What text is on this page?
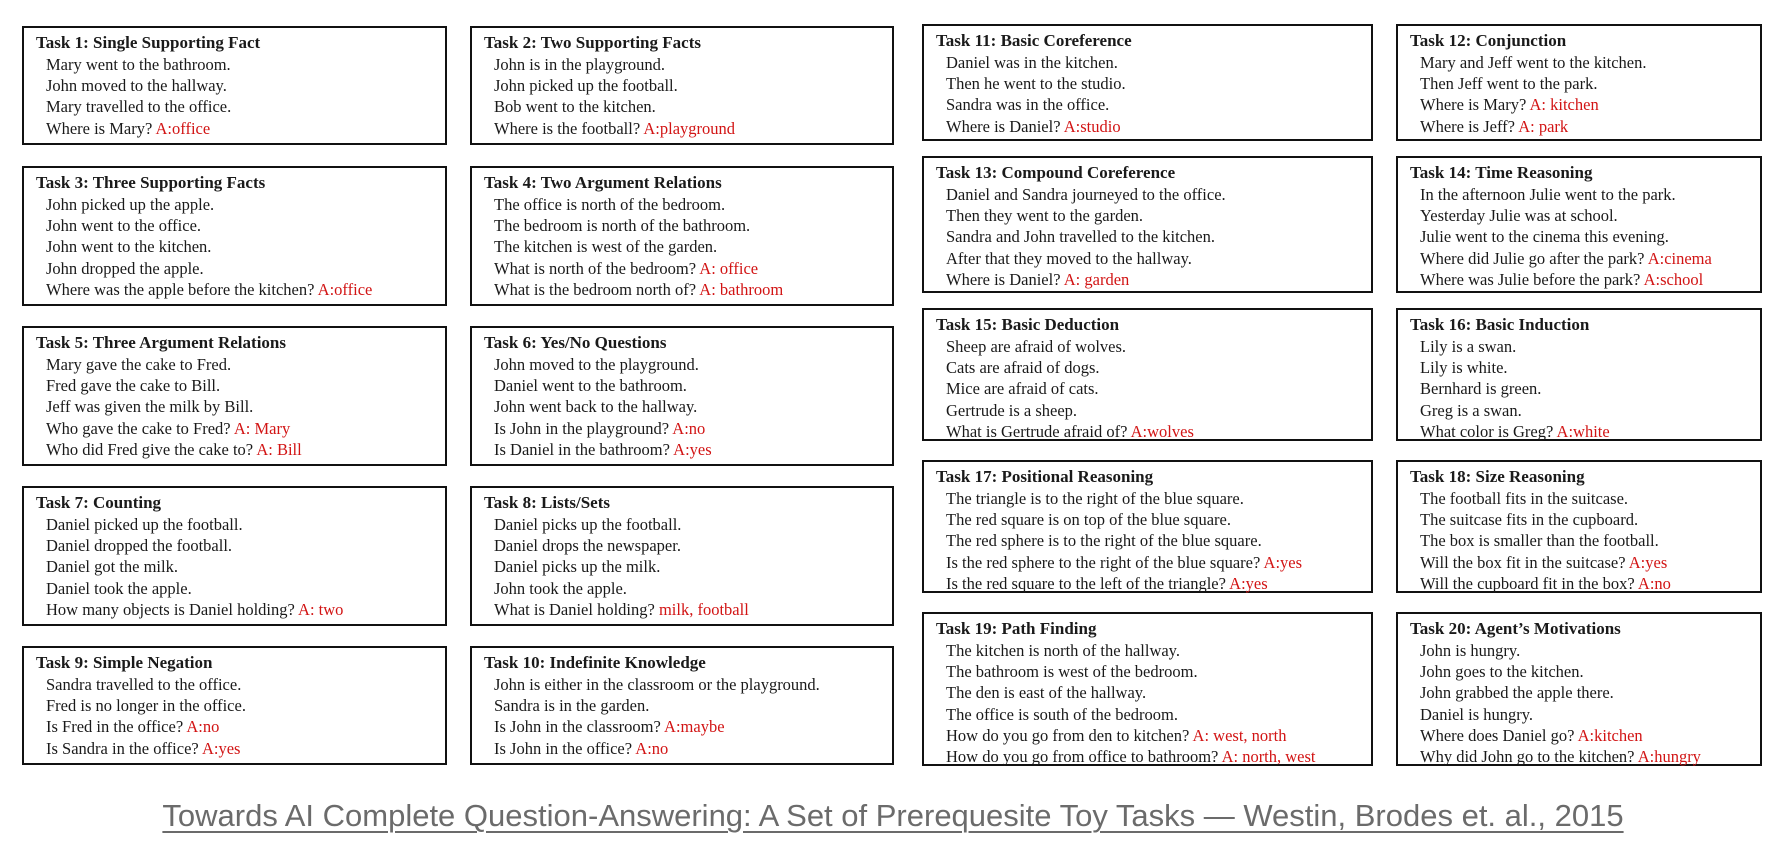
Task 1: Single Supporting Fact
Mary went to the bathroom.
John moved to the hallway.
Mary travelled to the office.
Where is Mary? A:office
Task 2: Two Supporting Facts
John is in the playground.
John picked up the football.
Bob went to the kitchen.
Where is the football? A:playground
Task 3: Three Supporting Facts
John picked up the apple.
John went to the office.
John went to the kitchen.
John dropped the apple.
Where was the apple before the kitchen? A:office
Task 4: Two Argument Relations
The office is north of the bedroom.
The bedroom is north of the bathroom.
The kitchen is west of the garden.
What is north of the bedroom? A: office
What is the bedroom north of? A: bathroom
Task 5: Three Argument Relations
Mary gave the cake to Fred.
Fred gave the cake to Bill.
Jeff was given the milk by Bill.
Who gave the cake to Fred? A: Mary
Who did Fred give the cake to? A: Bill
Task 6: Yes/No Questions
John moved to the playground.
Daniel went to the bathroom.
John went back to the hallway.
Is John in the playground? A:no
Is Daniel in the bathroom? A:yes
Task 7: Counting
Daniel picked up the football.
Daniel dropped the football.
Daniel got the milk.
Daniel took the apple.
How many objects is Daniel holding? A: two
Task 8: Lists/Sets
Daniel picks up the football.
Daniel drops the newspaper.
Daniel picks up the milk.
John took the apple.
What is Daniel holding? milk, football
Task 9: Simple Negation
Sandra travelled to the office.
Fred is no longer in the office.
Is Fred in the office? A:no
Is Sandra in the office? A:yes
Task 10: Indefinite Knowledge
John is either in the classroom or the playground.
Sandra is in the garden.
Is John in the classroom? A:maybe
Is John in the office? A:no
Task 11: Basic Coreference
Daniel was in the kitchen.
Then he went to the studio.
Sandra was in the office.
Where is Daniel? A:studio
Task 12: Conjunction
Mary and Jeff went to the kitchen.
Then Jeff went to the park.
Where is Mary? A: kitchen
Where is Jeff? A: park
Task 13: Compound Coreference
Daniel and Sandra journeyed to the office.
Then they went to the garden.
Sandra and John travelled to the kitchen.
After that they moved to the hallway.
Where is Daniel? A: garden
Task 14: Time Reasoning
In the afternoon Julie went to the park.
Yesterday Julie was at school.
Julie went to the cinema this evening.
Where did Julie go after the park? A:cinema
Where was Julie before the park? A:school
Task 15: Basic Deduction
Sheep are afraid of wolves.
Cats are afraid of dogs.
Mice are afraid of cats.
Gertrude is a sheep.
What is Gertrude afraid of? A:wolves
Task 16: Basic Induction
Lily is a swan.
Lily is white.
Bernhard is green.
Greg is a swan.
What color is Greg? A:white
Task 17: Positional Reasoning
The triangle is to the right of the blue square.
The red square is on top of the blue square.
The red sphere is to the right of the blue square.
Is the red sphere to the right of the blue square? A:yes
Is the red square to the left of the triangle? A:yes
Task 18: Size Reasoning
The football fits in the suitcase.
The suitcase fits in the cupboard.
The box is smaller than the football.
Will the box fit in the suitcase? A:yes
Will the cupboard fit in the box? A:no
Task 19: Path Finding
The kitchen is north of the hallway.
The bathroom is west of the bedroom.
The den is east of the hallway.
The office is south of the bedroom.
How do you go from den to kitchen? A: west, north
How do you go from office to bathroom? A: north, west
Task 20: Agent’s Motivations
John is hungry.
John goes to the kitchen.
John grabbed the apple there.
Daniel is hungry.
Where does Daniel go? A:kitchen
Why did John go to the kitchen? A:hungry
Towards AI Complete Question-Answering: A Set of Prerequesite Toy Tasks — Westin, Brodes et. al., 2015
